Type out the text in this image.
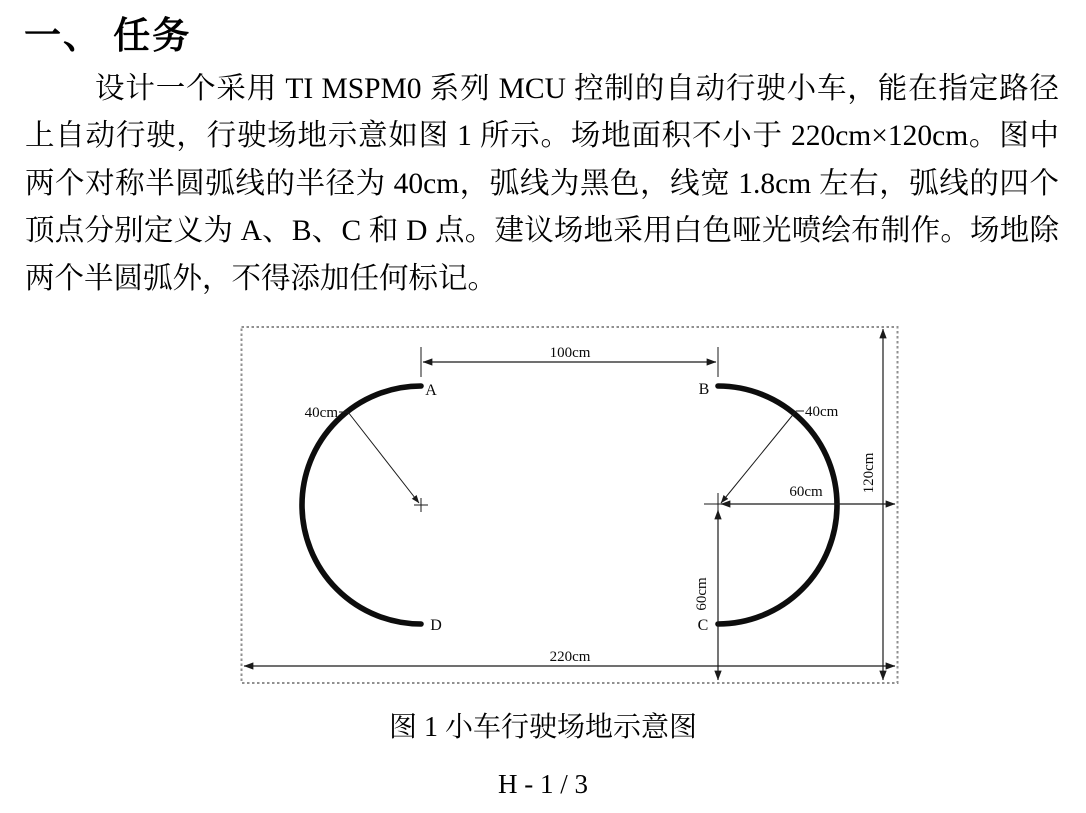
一、 任务
设计一个采用 TI MSPM0 系列 MCU 控制的自动行驶小车，能在指定路径
上自动行驶，行驶场地示意如图 1 所示。场地面积不小于 220cm×120cm。图中
两个对称半圆弧线的半径为 40cm，弧线为黑色，线宽 1.8cm 左右，弧线的四个
顶点分别定义为 A、B、C 和 D 点。建议场地采用白色哑光喷绘布制作。场地除
两个半圆弧外，不得添加任何标记。
100cm
40cm	40cm
60cm
60cm
120cm
220cm
A	B
C
D
图 1 小车行驶场地示意图
H - 1 / 3
